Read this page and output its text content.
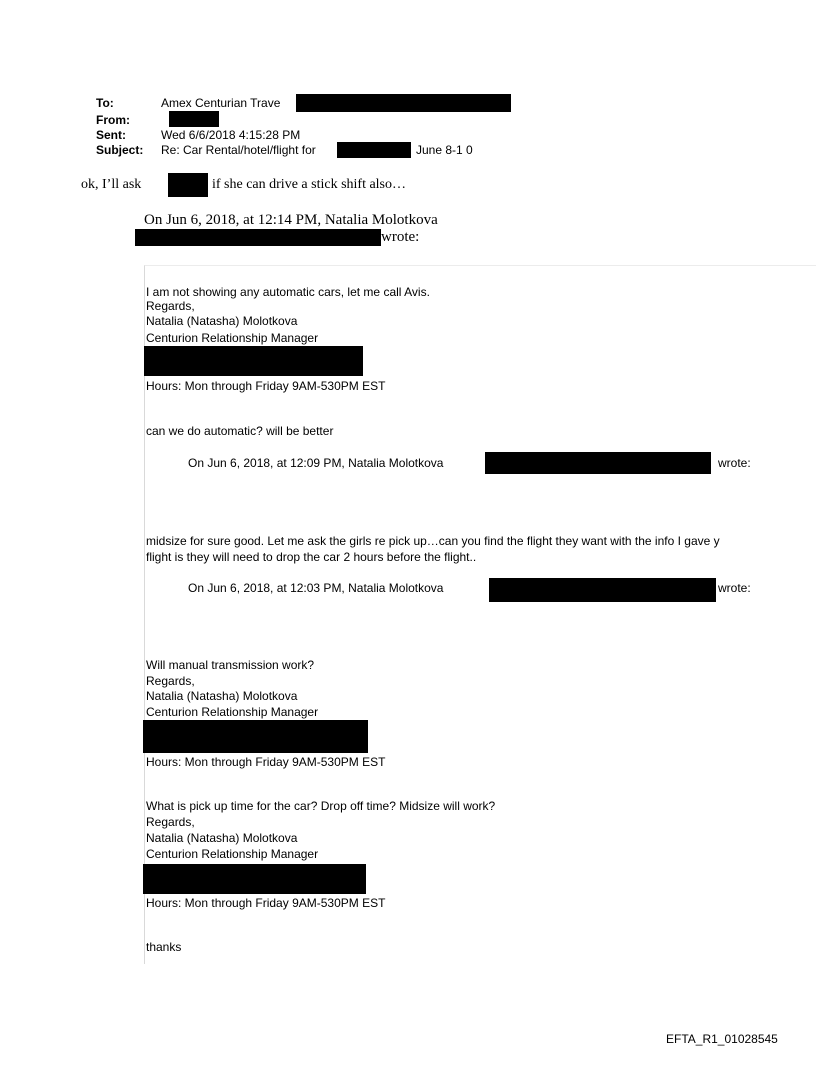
To:	Amex Centurian Trave
From:
Sent:	Wed 6/6/2018 4:15:28 PM
Subject: Re: Car Rental/hotel/flight for	June 8-1 0
ok, I’ll ask	if she can drive a stick shift also…
On Jun 6, 2018, at 12:14 PM, Natalia Molotkova
wrote:
I am not showing any automatic cars, let me call Avis.
Regards,
Natalia (Natasha) Molotkova
Centurion Relationship Manager
Hours: Mon through Friday 9AM-530PM EST
can we do automatic? will be better
On Jun 6, 2018, at 12:09 PM, Natalia Molotkova	wrote:
midsize for sure good. Let me ask the girls re pick up…can you find the flight they want with the info I gave y
flight is they will need to drop the car 2 hours before the flight..
On Jun 6, 2018, at 12:03 PM, Natalia Molotkova	wrote:
Will manual transmission work?
Regards,
Natalia (Natasha) Molotkova
Centurion Relationship Manager
Hours: Mon through Friday 9AM-530PM EST
What is pick up time for the car? Drop off time? Midsize will work?
Regards,
Natalia (Natasha) Molotkova
Centurion Relationship Manager
Hours: Mon through Friday 9AM-530PM EST
thanks
EFTA_R1_01028545
